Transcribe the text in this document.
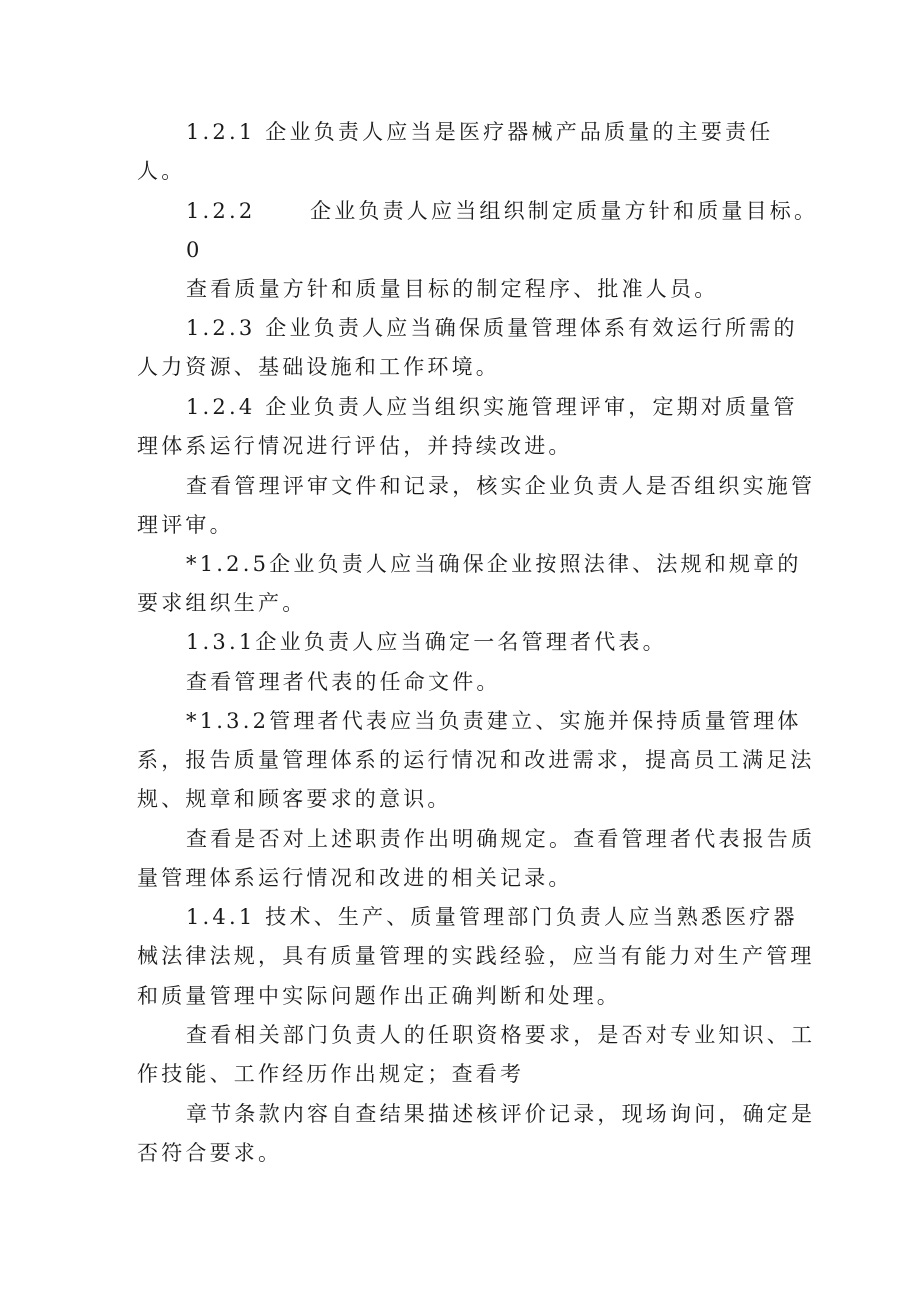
1.2.1 企业负责人应当是医疗器械产品质量的主要责任
人。
1.2.2	企业负责人应当组织制定质量方针和质量目标。
0
查看质量方针和质量目标的制定程序、批准人员。
1.2.3 企业负责人应当确保质量管理体系有效运行所需的
人力资源、基础设施和工作环境。
1.2.4 企业负责人应当组织实施管理评审，定期对质量管
理体系运行情况进行评估，并持续改进。
查看管理评审文件和记录，核实企业负责人是否组织实施管
理评审。
*1.2.5企业负责人应当确保企业按照法律、法规和规章的
要求组织生产。
1.3.1企业负责人应当确定一名管理者代表。
查看管理者代表的任命文件。
*1.3.2管理者代表应当负责建立、实施并保持质量管理体
系，报告质量管理体系的运行情况和改进需求，提高员工满足法
规、规章和顾客要求的意识。
查看是否对上述职责作出明确规定。查看管理者代表报告质
量管理体系运行情况和改进的相关记录。
1.4.1 技术、生产、质量管理部门负责人应当熟悉医疗器
械法律法规，具有质量管理的实践经验，应当有能力对生产管理
和质量管理中实际问题作出正确判断和处理。
查看相关部门负责人的任职资格要求，是否对专业知识、工
作技能、工作经历作出规定；查看考
章节条款内容自查结果描述核评价记录，现场询问，确定是
否符合要求。
